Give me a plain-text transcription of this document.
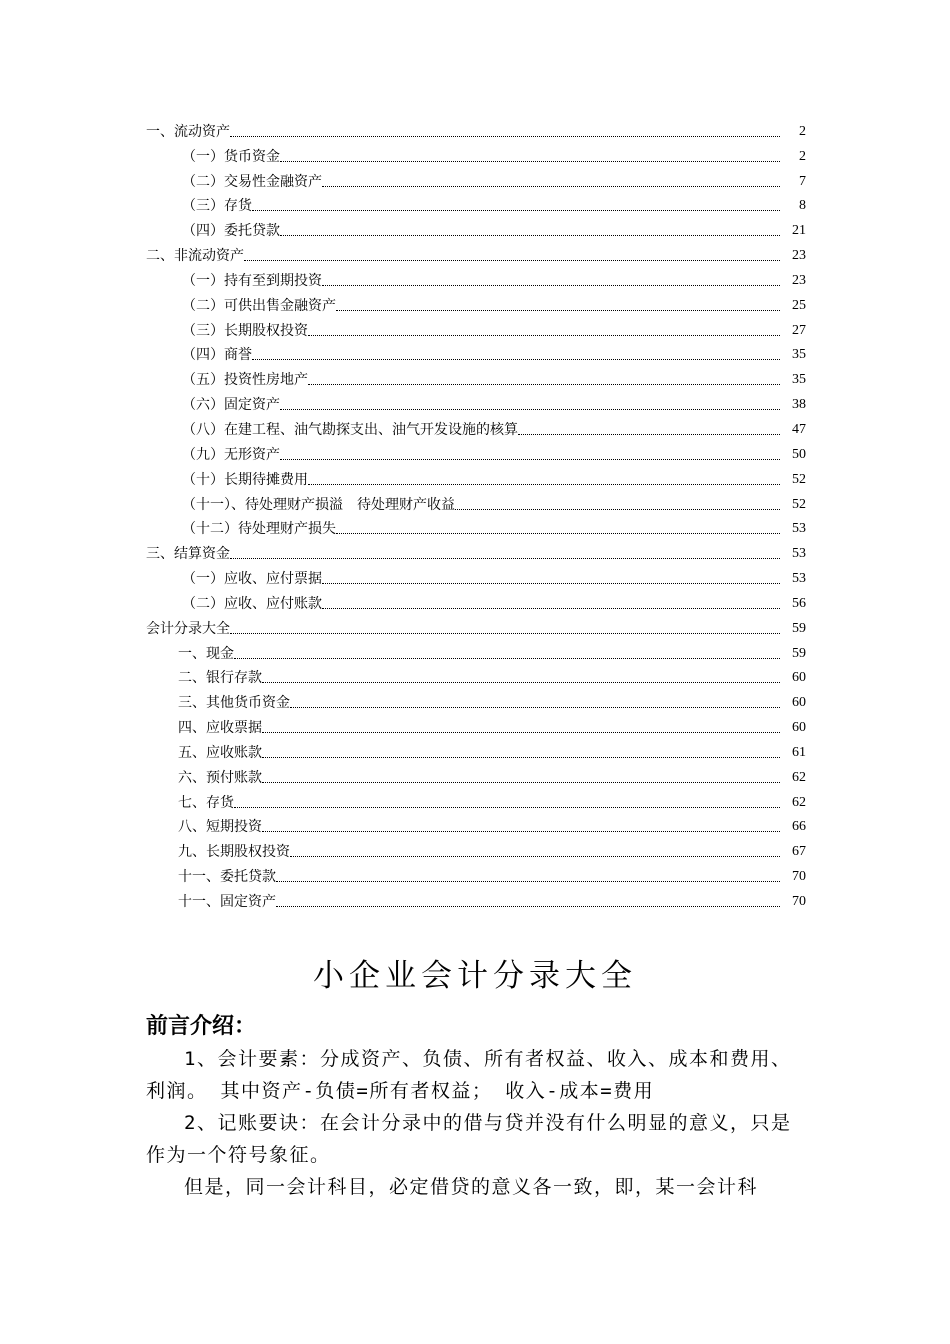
一、流动资产	2
（一）货币资金	2
（二）交易性金融资产	7
（三）存货	8
（四）委托贷款	21
二、非流动资产	23
（一）持有至到期投资	23
（二）可供出售金融资产	25
（三）长期股权投资	27
（四）商誉	35
（五）投资性房地产	35
（六）固定资产	38
（八）在建工程、油气勘探支出、油气开发设施的核算	47
（九）无形资产	50
（十）长期待摊费用	52
（十一）、待处理财产损溢　待处理财产收益	52
（十二）待处理财产损失	53
三、结算资金	53
（一）应收、应付票据	53
（二）应收、应付账款	56
会计分录大全	59
一、现金	59
二、银行存款	60
三、其他货币资金	60
四、应收票据	60
五、应收账款	61
六、预付账款	62
七、存货	62
八、短期投资	66
九、长期股权投资	67
十一、委托贷款	70
十一、固定资产	70
小企业会计分录大全
前言介绍：

1、会计要素：分成资产、负债、所有者权益、收入、成本和费用、利润。 其中资产-负债=所有者权益； 收入-成本=费用

2、记账要诀：在会计分录中的借与贷并没有什么明显的意义，只是作为一个符号象征。

但是，同一会计科目，必定借贷的意义各一致，即，某一会计科
